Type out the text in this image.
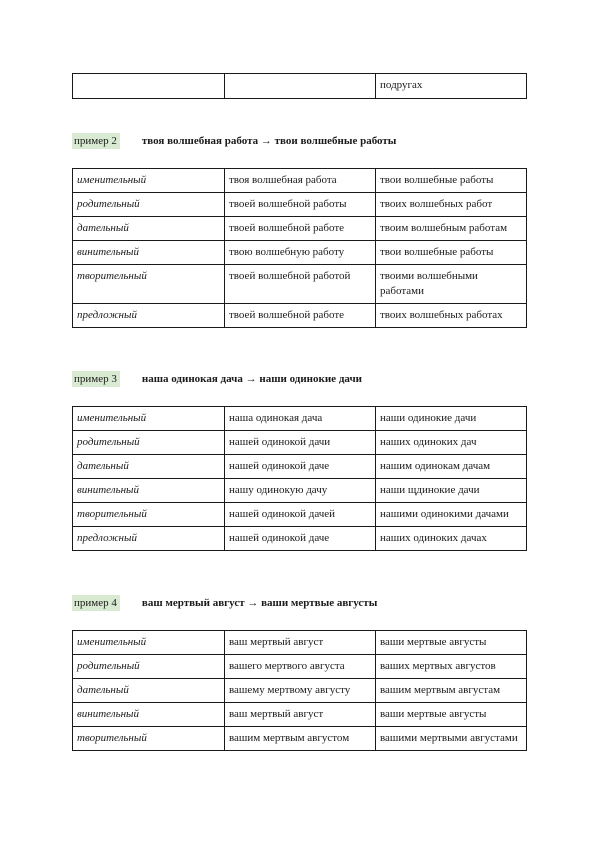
		подругах
пример 2 твоя волшебная работа → твои волшебные работы
именительный	твоя волшебная работа	твои волшебные работы
родительный	твоей волшебной работы	твоих волшебных работ
дательный	твоей волшебной работе	твоим волшебным работам
винительный	твою волшебную работу	твои волшебные работы
творительный	твоей волшебной работой	твоими волшебными работами
предложный	твоей волшебной работе	твоих волшебных работах
пример 3 наша одинокая дача → наши одинокие дачи
именительный	наша одинокая дача	наши одинокие дачи
родительный	нашей одинокой дачи	наших одиноких дач
дательный	нашей одинокой даче	нашим одинокам дачам
винительный	нашу одинокую дачу	наши щдинокие дачи
творительный	нашей одинокой дачей	нашими одинокими дачами
предложный	нашей одинокой даче	наших одиноких дачах
пример 4 ваш мертвый август → ваши мертвые августы
именительный	ваш мертвый август	ваши мертвые августы
родительный	вашего мертвого августа	ваших мертвых августов
дательный	вашему мертвому августу	вашим мертвым августам
винительный	ваш мертвый август	ваши мертвые августы
творительный	вашим мертвым августом	вашими мертвыми августами
